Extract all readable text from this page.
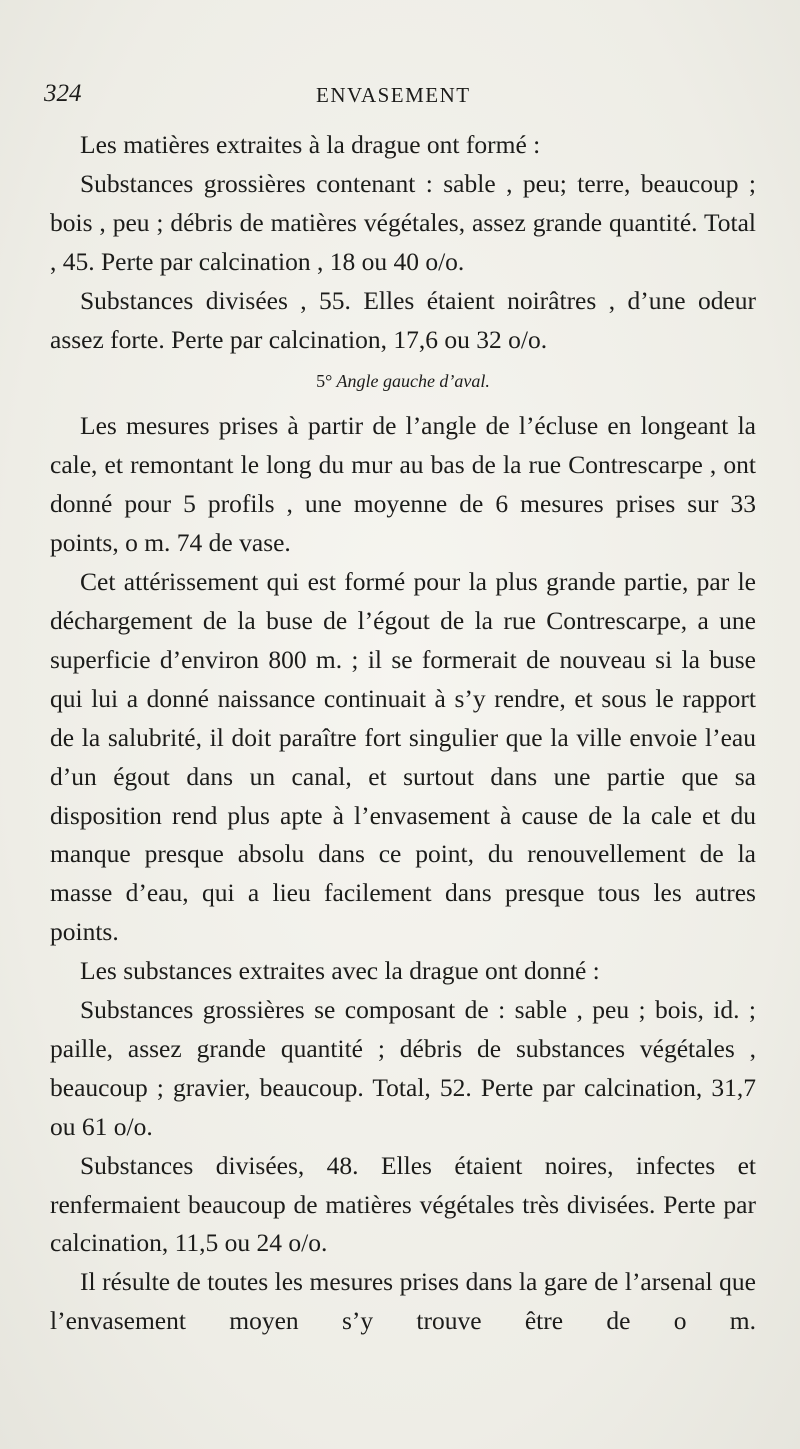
324	ENVASEMENT

Les matières extraites à la drague ont formé :

Substances grossières contenant : sable , peu; terre, beaucoup ; bois , peu ; débris de matières végétales, assez grande quantité. Total , 45. Perte par calcination , 18 ou 40 o/o.

Substances divisées , 55. Elles étaient noirâtres , d’une odeur assez forte. Perte par calcination, 17,6 ou 32 o/o.

5° Angle gauche d’aval.

Les mesures prises à partir de l’angle de l’écluse en longeant la cale, et remontant le long du mur au bas de la rue Contrescarpe , ont donné pour 5 profils , une moyenne de 6 mesures prises sur 33 points, o m. 74 de vase.

Cet attérissement qui est formé pour la plus grande partie, par le déchargement de la buse de l’égout de la rue Contrescarpe, a une superficie d’environ 800 m. ; il se formerait de nouveau si la buse qui lui a donné naissance continuait à s’y rendre, et sous le rapport de la salubrité, il doit paraître fort singulier que la ville envoie l’eau d’un égout dans un canal, et surtout dans une partie que sa disposition rend plus apte à l’envasement à cause de la cale et du manque presque absolu dans ce point, du renouvellement de la masse d’eau, qui a lieu facilement dans presque tous les autres points.

Les substances extraites avec la drague ont donné :

Substances grossières se composant de : sable , peu ; bois, id. ; paille, assez grande quantité ; débris de substances végétales , beaucoup ; gravier, beaucoup. Total, 52. Perte par calcination, 31,7 ou 61 o/o.

Substances divisées, 48. Elles étaient noires, infectes et renfermaient beaucoup de matières végétales très divisées. Perte par calcination, 11,5 ou 24 o/o.

Il résulte de toutes les mesures prises dans la gare de l’arsenal que l’envasement moyen s’y trouve être de o m.
